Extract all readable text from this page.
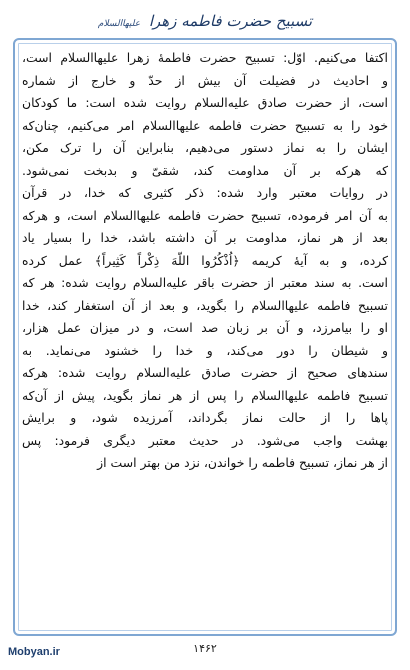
تسبیح حضرت فاطمه زهرا علیهاالسلام
اکتفا می‌کنیم. اوّل: تسبیح حضرت فاطمهٔ زهرا علیهاالسلام است،
و احادیث در فضیلت آن بیش از حدّ و خارج از شماره
است، از حضرت صادق علیه‌السلام روایت شده است: ما کودکان
خود را به تسبیح حضرت فاطمه علیهاالسلام امر می‌کنیم، چنان‌که
ایشان را به نماز دستور می‌دهیم، بنابراین آن را ترک مکن،
که هرکه بر آن مداومت کند، شقیّ و بدبخت نمی‌شود.
در روایات معتبر وارد شده: ذکر کثیری که خدا، در قرآن
به آن امر فرموده، تسبیح حضرت فاطمه علیهاالسلام است، و هرکه
بعد از هر نماز، مداومت بر آن داشته باشد، خدا را بسیار یاد
کرده، و به آیهٔ کریمه ﴿اُذْکُرُوا اللّهَ ذِکْراً کَثِیراً﴾ عمل کرده
است. به سند معتبر از حضرت باقر علیه‌السلام روایت شده: هر که
تسبیح فاطمه علیهاالسلام را بگوید، و بعد از آن استغفار کند، خدا
او را بیامرزد، و آن بر زبان صد است، و در میزان عمل هزار،
و شیطان را دور می‌کند، و خدا را خشنود می‌نماید. به
سندهای صحیح از حضرت صادق علیه‌السلام روایت شده: هرکه
تسبیح فاطمه علیهاالسلام را پس از هر نماز بگوید، پیش از آن‌که
پاها را از حالت نماز بگرداند، آمرزیده شود، و برایش
بهشت واجب می‌شود. در حدیث معتبر دیگری فرمود: پس
از هر نماز، تسبیح فاطمه را خواندن، نزد من بهتر است از
۱۴۶۲
Mobyan.ir
